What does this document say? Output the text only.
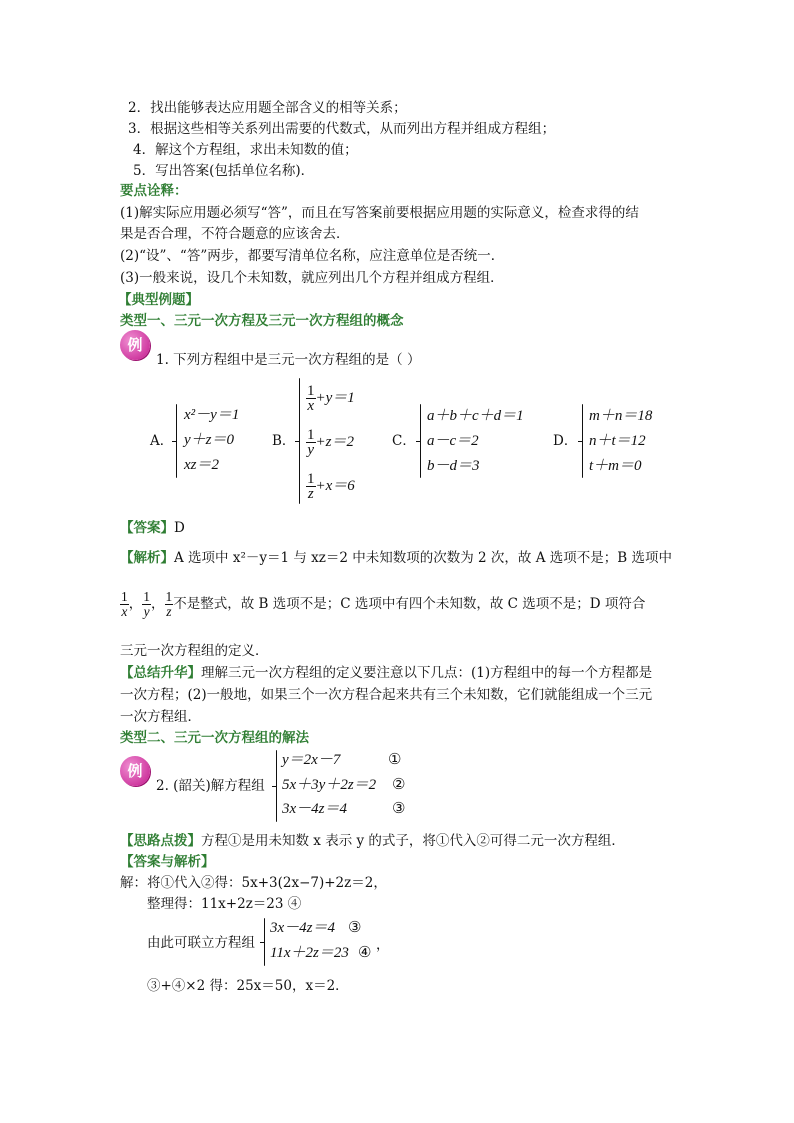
2．找出能够表达应用题全部含义的相等关系；
3．根据这些相等关系列出需要的代数式，从而列出方程并组成方程组；
4．解这个方程组，求出未知数的值；
5．写出答案(包括单位名称)．
要点诠释：
(1)解实际应用题必须写“答”，而且在写答案前要根据应用题的实际意义，检查求得的结
果是否合理，不符合题意的应该舍去．
(2)“设”、“答”两步，都要写清单位名称，应注意单位是否统一．
(3)一般来说，设几个未知数，就应列出几个方程并组成方程组．
【典型例题】
类型一、三元一次方程及三元一次方程组的概念
例
1. 下列方程组中是三元一次方程组的是（ ）
A．
x²－y＝1
y＋z＝0
xz＝2
B．
$\frac{1}{x} +y=1$
$\frac{1}{y} +z=2$
$\frac{1}{z} +x=6$
C．
a＋b＋c＋d＝1
a－c＝2
b－d＝3
D．
m＋n＝18
n＋t＝12
t＋m＝0
【答案】D
【解析】A 选项中 x²－y＝1 与 xz＝2 中未知数项的次数为 2 次，故 A 选项不是；B 选项中
$\frac{1}{x}$ ， $\frac{1}{y}$ ， $\frac{1}{z}$ 不是整式，故 B 选项不是；C 选项中有四个未知数，故 C 选项不是；D 项符合
三元一次方程组的定义．
【总结升华】理解三元一次方程组的定义要注意以下几点：(1)方程组中的每一个方程都是
一次方程；(2)一般地，如果三个一次方程合起来共有三个未知数，它们就能组成一个三元
一次方程组．
类型二、三元一次方程组的解法
例
2. (韶关)解方程组
y＝2x－7
5x＋3y＋2z＝2
3x－4z＝4
①
②
③
【思路点拨】方程①是用未知数 x 表示 y 的式子，将①代入②可得二元一次方程组．
【答案与解析】
解：将①代入②得：5x+3(2x−7)+2z＝2，
整理得：11x+2z＝23 ④
由此可联立方程组
3x－4z＝4
11x＋2z＝23
③
④ ，
③+④×2 得：25x＝50，x＝2．
